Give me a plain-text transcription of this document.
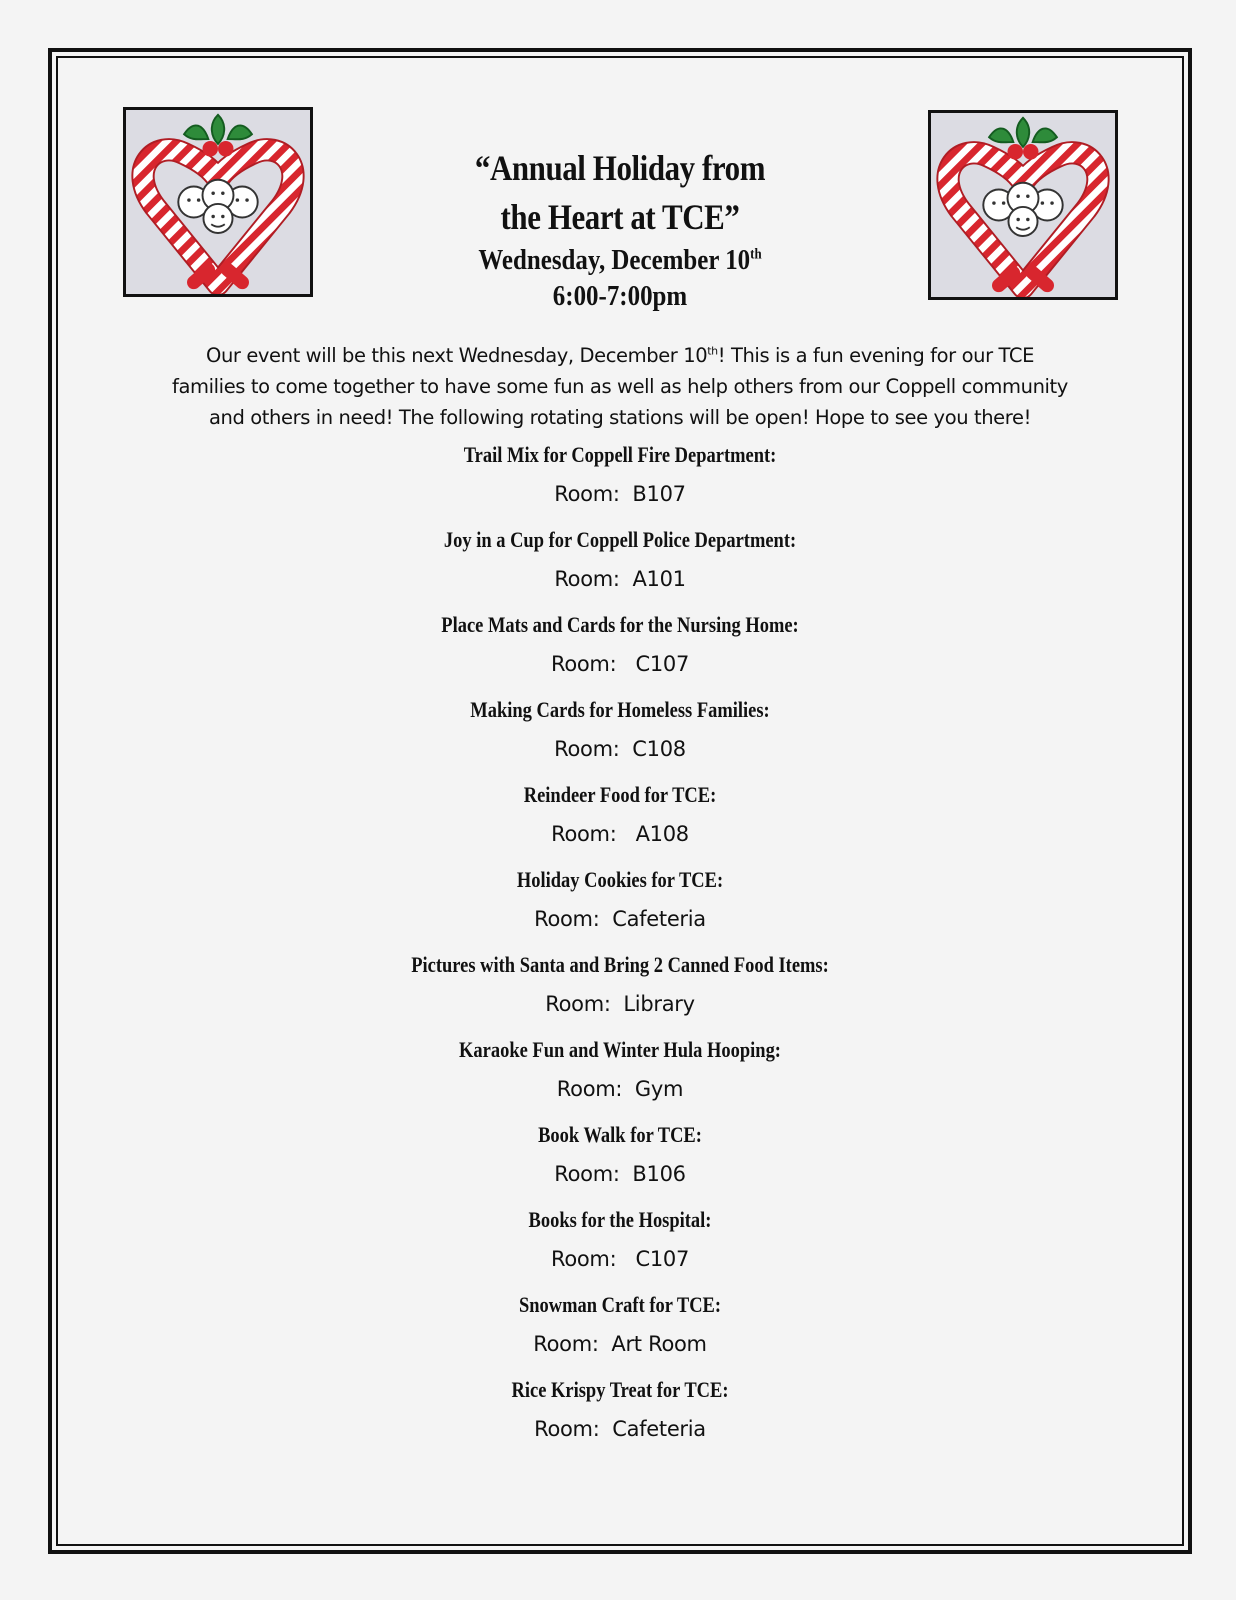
“Annual Holiday from
the Heart at TCE”
Wednesday, December 10th
6:00-7:00pm
Our event will be this next Wednesday, December 10th! This is a fun evening for our TCE
families to come together to have some fun as well as help others from our Coppell community
and others in need! The following rotating stations will be open! Hope to see you there!
Trail Mix for Coppell Fire Department:
Room:  B107
Joy in a Cup for Coppell Police Department:
Room:  A101
Place Mats and Cards for the Nursing Home:
Room:   C107
Making Cards for Homeless Families:
Room:  C108
Reindeer Food for TCE:
Room:   A108
Holiday Cookies for TCE:
Room:  Cafeteria
Pictures with Santa and Bring 2 Canned Food Items:
Room:  Library
Karaoke Fun and Winter Hula Hooping:
Room:  Gym
Book Walk for TCE:
Room:  B106
Books for the Hospital:
Room:   C107
Snowman Craft for TCE:
Room:  Art Room
Rice Krispy Treat for TCE:
Room:  Cafeteria
